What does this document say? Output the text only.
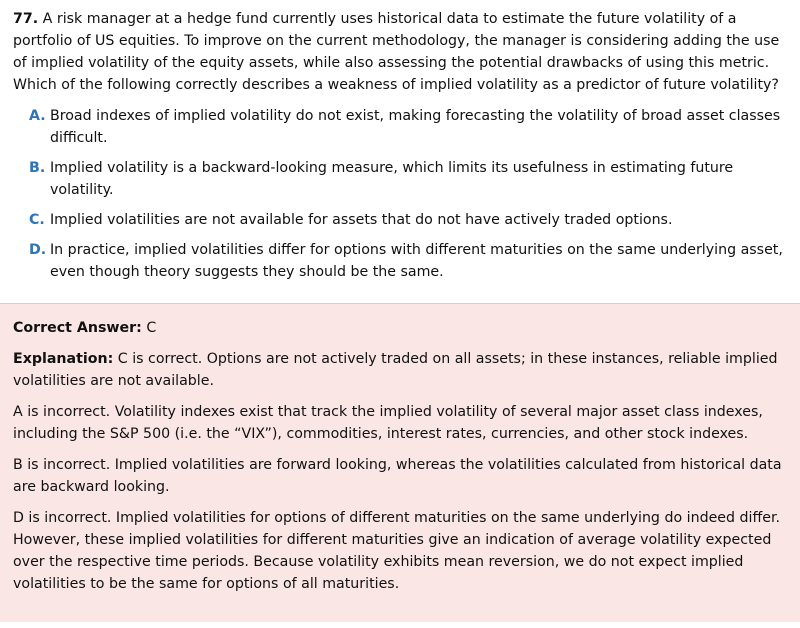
77. A risk manager at a hedge fund currently uses historical data to estimate the future volatility of a portfolio of US equities. To improve on the current methodology, the manager is considering adding the use of implied volatility of the equity assets, while also assessing the potential drawbacks of using this metric. Which of the following correctly describes a weakness of implied volatility as a predictor of future volatility?

A. Broad indexes of implied volatility do not exist, making forecasting the volatility of broad asset classes difficult.
B. Implied volatility is a backward-looking measure, which limits its usefulness in estimating future volatility.
C. Implied volatilities are not available for assets that do not have actively traded options.
D. In practice, implied volatilities differ for options with different maturities on the same underlying asset, even though theory suggests they should be the same.

Correct Answer: C

Explanation: C is correct. Options are not actively traded on all assets; in these instances, reliable implied volatilities are not available.

A is incorrect. Volatility indexes exist that track the implied volatility of several major asset class indexes, including the S&P 500 (i.e. the “VIX”), commodities, interest rates, currencies, and other stock indexes.

B is incorrect. Implied volatilities are forward looking, whereas the volatilities calculated from historical data are backward looking.

D is incorrect. Implied volatilities for options of different maturities on the same underlying do indeed differ. However, these implied volatilities for different maturities give an indication of average volatility expected over the respective time periods. Because volatility exhibits mean reversion, we do not expect implied volatilities to be the same for options of all maturities.
